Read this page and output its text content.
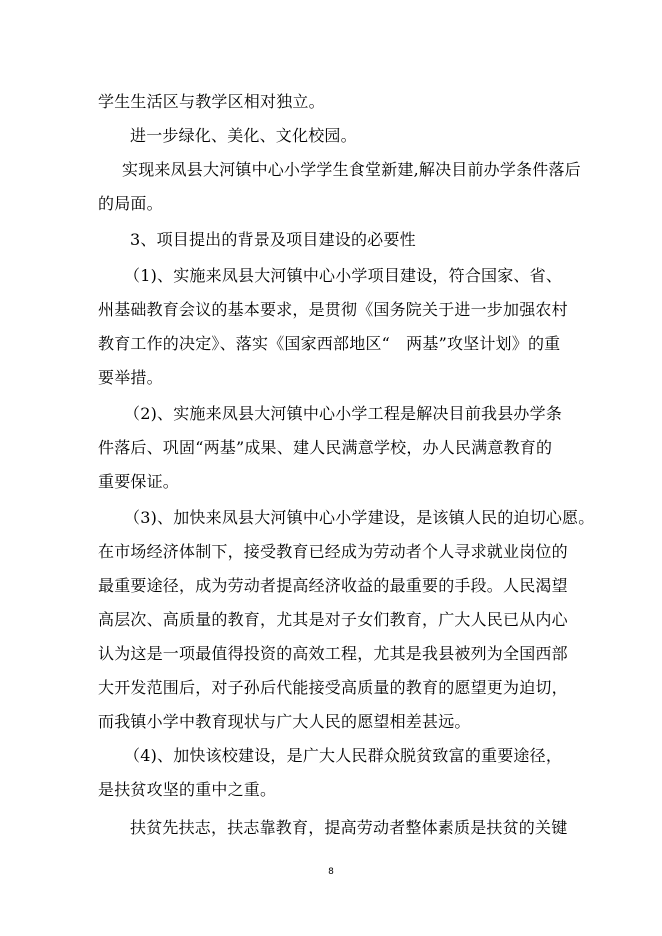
学生生活区与教学区相对独立。
进一步绿化、美化、文化校园。
实现来凤县大河镇中心小学学生食堂新建,解决目前办学条件落后
的局面。
3、项目提出的背景及项目建设的必要性
（1)、实施来凤县大河镇中心小学项目建设，符合国家、省、
州基础教育会议的基本要求，是贯彻《国务院关于进一步加强农村
教育工作的决定》、落实《国家西部地区“　两基”攻坚计划》的重
要举措。
（2)、实施来凤县大河镇中心小学工程是解决目前我县办学条
件落后、巩固“两基”成果、建人民满意学校，办人民满意教育的
重要保证。
（3)、加快来凤县大河镇中心小学建设，是该镇人民的迫切心愿。
在市场经济体制下，接受教育已经成为劳动者个人寻求就业岗位的
最重要途径，成为劳动者提高经济收益的最重要的手段。人民渴望
高层次、高质量的教育，尤其是对子女们教育，广大人民已从内心
认为这是一项最值得投资的高效工程，尤其是我县被列为全国西部
大开发范围后，对子孙后代能接受高质量的教育的愿望更为迫切，
而我镇小学中教育现状与广大人民的愿望相差甚远。
（4)、加快该校建设，是广大人民群众脱贫致富的重要途径，
是扶贫攻坚的重中之重。
扶贫先扶志，扶志靠教育，提高劳动者整体素质是扶贫的关键
8
